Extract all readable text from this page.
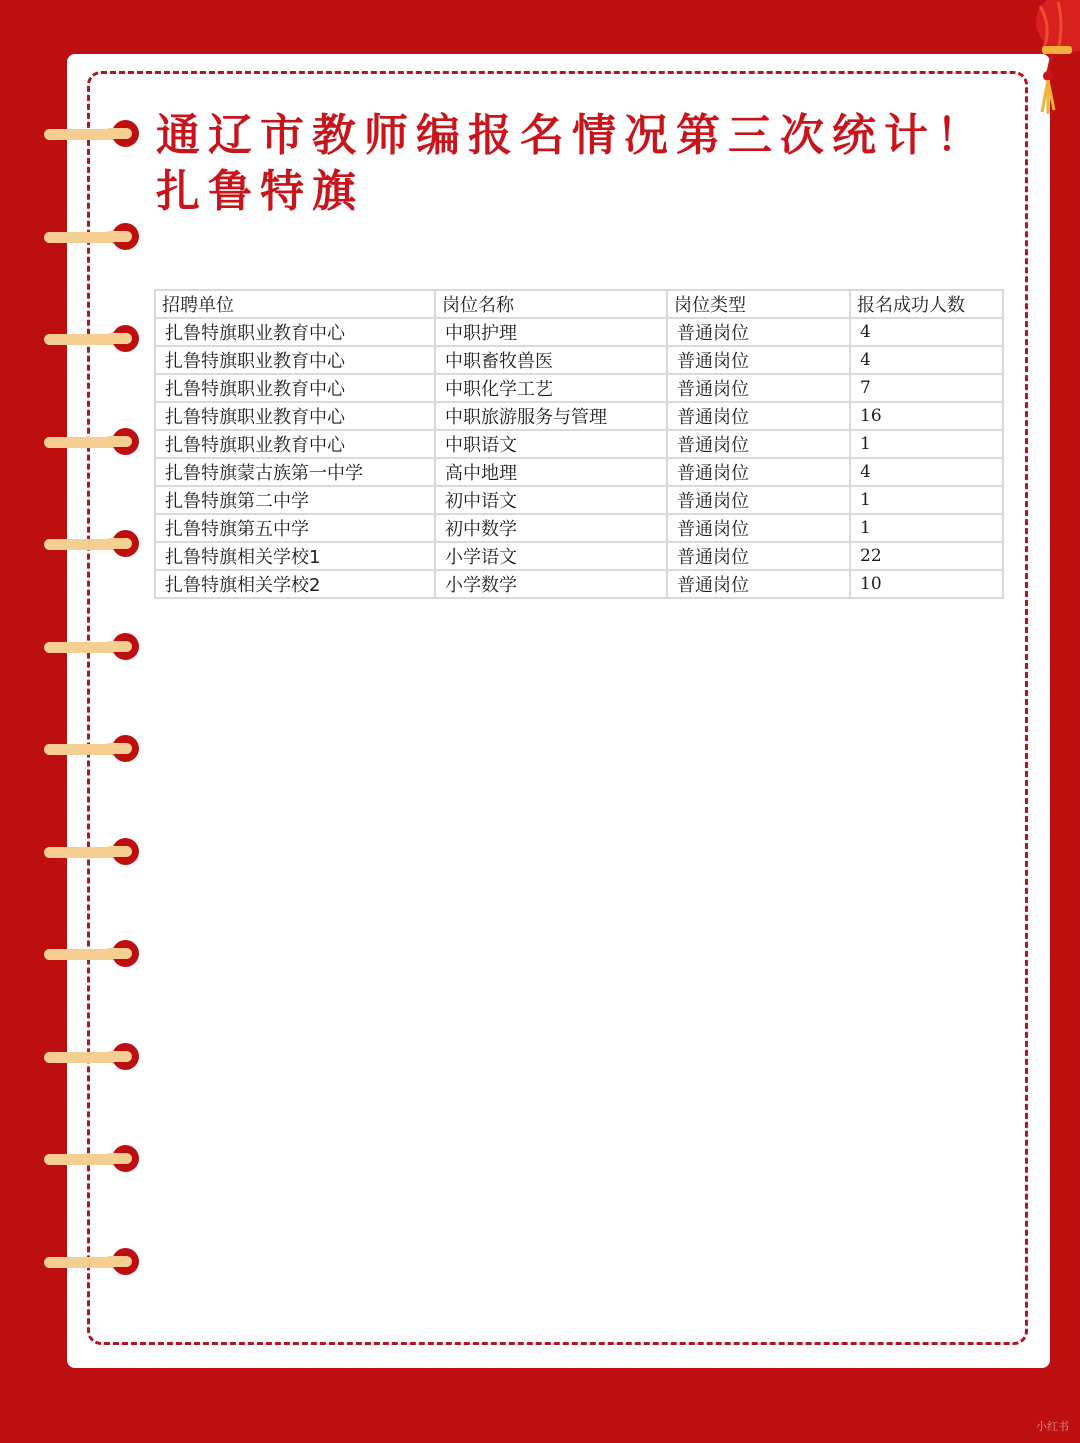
通辽市教师编报名情况第三次统计！
扎鲁特旗
招聘单位	岗位名称	岗位类型	报名成功人数
扎鲁特旗职业教育中心	中职护理	普通岗位	4
扎鲁特旗职业教育中心	中职畜牧兽医	普通岗位	4
扎鲁特旗职业教育中心	中职化学工艺	普通岗位	7
扎鲁特旗职业教育中心	中职旅游服务与管理	普通岗位	16
扎鲁特旗职业教育中心	中职语文	普通岗位	1
扎鲁特旗蒙古族第一中学	高中地理	普通岗位	4
扎鲁特旗第二中学	初中语文	普通岗位	1
扎鲁特旗第五中学	初中数学	普通岗位	1
扎鲁特旗相关学校1	小学语文	普通岗位	22
扎鲁特旗相关学校2	小学数学	普通岗位	10
小红书
